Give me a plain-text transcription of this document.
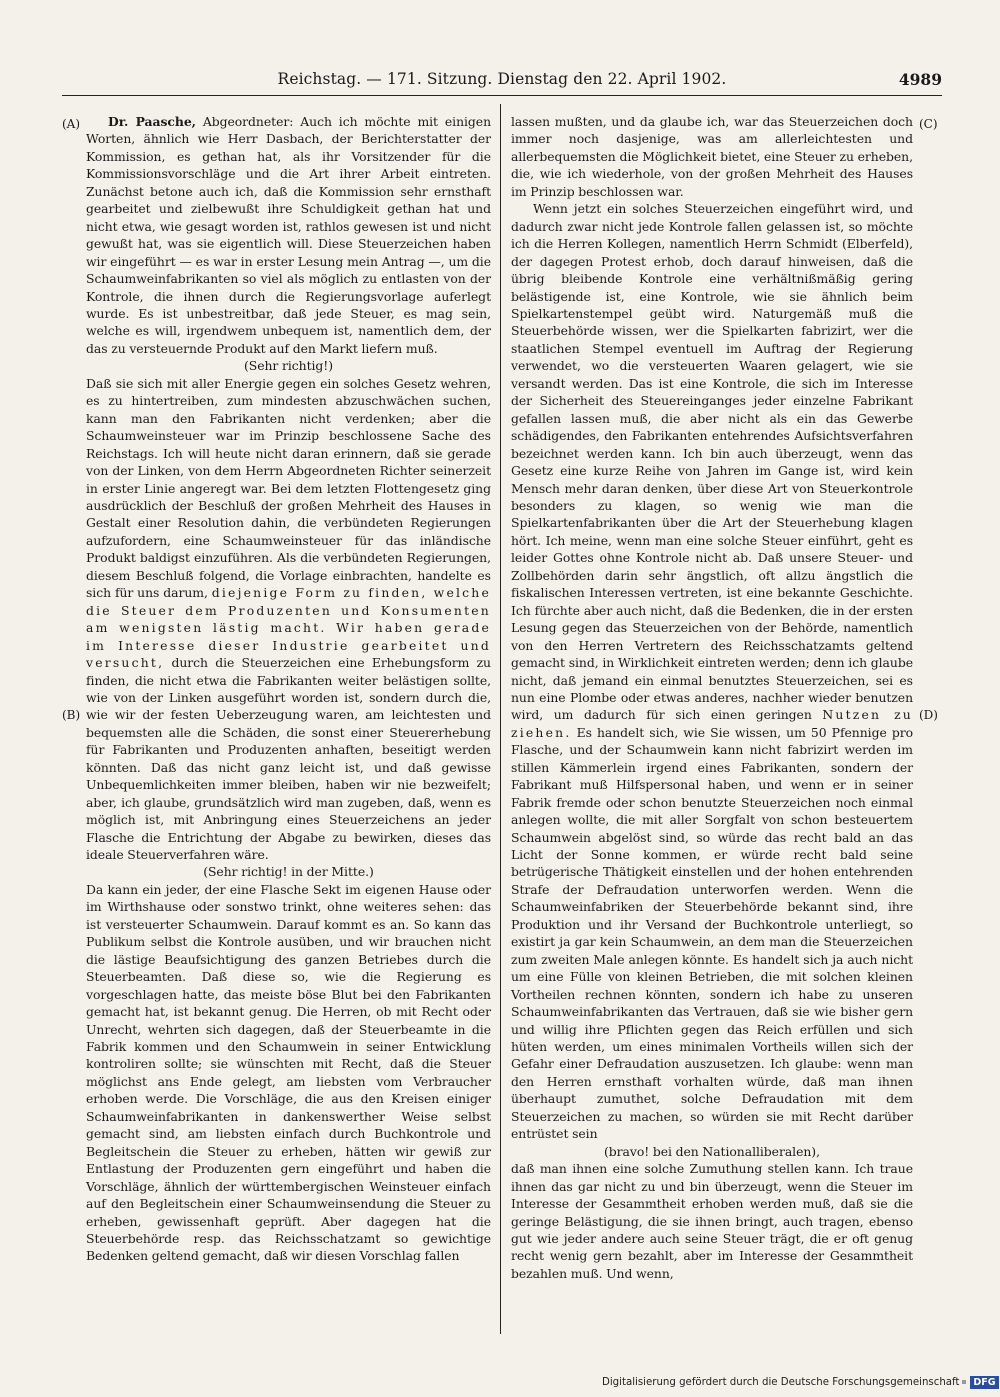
Reichstag. — 171. Sitzung. Dienstag den 22. April 1902.	4989
(A)
(B)
(C)
(D)

Dr. Paasche, Abgeordneter: Auch ich möchte mit einigen Worten, ähnlich wie Herr Dasbach, der Berichterstatter der Kommission, es gethan hat, als ihr Vorsitzender für die Kommissionsvorschläge und die Art ihrer Arbeit eintreten. Zunächst betone auch ich, daß die Kommission sehr ernsthaft gearbeitet und zielbewußt ihre Schuldigkeit gethan hat und nicht etwa, wie gesagt worden ist, rathlos gewesen ist und nicht gewußt hat, was sie eigentlich will. Diese Steuerzeichen haben wir eingeführt — es war in erster Lesung mein Antrag —, um die Schaumweinfabrikanten so viel als möglich zu entlasten von der Kontrole, die ihnen durch die Regierungsvorlage auferlegt wurde. Es ist unbestreitbar, daß jede Steuer, es mag sein, welche es will, irgendwem unbequem ist, namentlich dem, der das zu versteuernde Produkt auf den Markt liefern muß.

(Sehr richtig!)

Daß sie sich mit aller Energie gegen ein solches Gesetz wehren, es zu hintertreiben, zum mindesten abzuschwächen suchen, kann man den Fabrikanten nicht verdenken; aber die Schaumweinsteuer war im Prinzip beschlossene Sache des Reichstags. Ich will heute nicht daran erinnern, daß sie gerade von der Linken, von dem Herrn Abgeordneten Richter seinerzeit in erster Linie angeregt war. Bei dem letzten Flottengesetz ging ausdrücklich der Beschluß der großen Mehrheit des Hauses in Gestalt einer Resolution dahin, die verbündeten Regierungen aufzufordern, eine Schaumweinsteuer für das inländische Produkt baldigst einzuführen. Als die verbündeten Regierungen, diesem Beschluß folgend, die Vorlage einbrachten, handelte es sich für uns darum, diejenige Form zu finden, welche die Steuer dem Produzenten und Konsumenten am wenigsten lästig macht. Wir haben gerade im Interesse dieser Industrie gearbeitet und versucht, durch die Steuerzeichen eine Erhebungsform zu finden, die nicht etwa die Fabrikanten weiter belästigen sollte, wie von der Linken ausgeführt worden ist, sondern durch die, wie wir der festen Ueberzeugung waren, am leichtesten und bequemsten alle die Schäden, die sonst einer Steuererhebung für Fabrikanten und Produzenten anhaften, beseitigt werden könnten. Daß das nicht ganz leicht ist, und daß gewisse Unbequemlichkeiten immer bleiben, haben wir nie bezweifelt; aber, ich glaube, grundsätzlich wird man zugeben, daß, wenn es möglich ist, mit Anbringung eines Steuerzeichens an jeder Flasche die Entrichtung der Abgabe zu bewirken, dieses das ideale Steuerverfahren wäre.

(Sehr richtig! in der Mitte.)

Da kann ein jeder, der eine Flasche Sekt im eigenen Hause oder im Wirthshause oder sonstwo trinkt, ohne weiteres sehen: das ist versteuerter Schaumwein. Darauf kommt es an. So kann das Publikum selbst die Kontrole ausüben, und wir brauchen nicht die lästige Beaufsichtigung des ganzen Betriebes durch die Steuerbeamten. Daß diese so, wie die Regierung es vorgeschlagen hatte, das meiste böse Blut bei den Fabrikanten gemacht hat, ist bekannt genug. Die Herren, ob mit Recht oder Unrecht, wehrten sich dagegen, daß der Steuerbeamte in die Fabrik kommen und den Schaumwein in seiner Entwicklung kontroliren sollte; sie wünschten mit Recht, daß die Steuer möglichst ans Ende gelegt, am liebsten vom Verbraucher erhoben werde. Die Vorschläge, die aus den Kreisen einiger Schaumweinfabrikanten in dankenswerther Weise selbst gemacht sind, am liebsten einfach durch Buchkontrole und Begleitschein die Steuer zu erheben, hätten wir gewiß zur Entlastung der Produzenten gern eingeführt und haben die Vorschläge, ähnlich der württembergischen Weinsteuer einfach auf den Begleitschein einer Schaumweinsendung die Steuer zu erheben, gewissenhaft geprüft. Aber dagegen hat die Steuerbehörde resp. das Reichsschatzamt so gewichtige Bedenken geltend gemacht, daß wir diesen Vorschlag fallen

lassen mußten, und da glaube ich, war das Steuerzeichen doch immer noch dasjenige, was am allerleichtesten und allerbequemsten die Möglichkeit bietet, eine Steuer zu erheben, die, wie ich wiederhole, von der großen Mehrheit des Hauses im Prinzip beschlossen war.

Wenn jetzt ein solches Steuerzeichen eingeführt wird, und dadurch zwar nicht jede Kontrole fallen gelassen ist, so möchte ich die Herren Kollegen, namentlich Herrn Schmidt (Elberfeld), der dagegen Protest erhob, doch darauf hinweisen, daß die übrig bleibende Kontrole eine verhältnißmäßig gering belästigende ist, eine Kontrole, wie sie ähnlich beim Spielkartenstempel geübt wird. Naturgemäß muß die Steuerbehörde wissen, wer die Spielkarten fabrizirt, wer die staatlichen Stempel eventuell im Auftrag der Regierung verwendet, wo die versteuerten Waaren gelagert, wie sie versandt werden. Das ist eine Kontrole, die sich im Interesse der Sicherheit des Steuereinganges jeder einzelne Fabrikant gefallen lassen muß, die aber nicht als ein das Gewerbe schädigendes, den Fabrikanten entehrendes Aufsichtsverfahren bezeichnet werden kann. Ich bin auch überzeugt, wenn das Gesetz eine kurze Reihe von Jahren im Gange ist, wird kein Mensch mehr daran denken, über diese Art von Steuerkontrole besonders zu klagen, so wenig wie man die Spielkartenfabrikanten über die Art der Steuerhebung klagen hört. Ich meine, wenn man eine solche Steuer einführt, geht es leider Gottes ohne Kontrole nicht ab. Daß unsere Steuer- und Zollbehörden darin sehr ängstlich, oft allzu ängstlich die fiskalischen Interessen vertreten, ist eine bekannte Geschichte. Ich fürchte aber auch nicht, daß die Bedenken, die in der ersten Lesung gegen das Steuerzeichen von der Behörde, namentlich von den Herren Vertretern des Reichsschatzamts geltend gemacht sind, in Wirklichkeit eintreten werden; denn ich glaube nicht, daß jemand ein einmal benutztes Steuerzeichen, sei es nun eine Plombe oder etwas anderes, nachher wieder benutzen wird, um dadurch für sich einen geringen Nutzen zu ziehen. Es handelt sich, wie Sie wissen, um 50 Pfennige pro Flasche, und der Schaumwein kann nicht fabrizirt werden im stillen Kämmerlein irgend eines Fabrikanten, sondern der Fabrikant muß Hilfspersonal haben, und wenn er in seiner Fabrik fremde oder schon benutzte Steuerzeichen noch einmal anlegen wollte, die mit aller Sorgfalt von schon besteuertem Schaumwein abgelöst sind, so würde das recht bald an das Licht der Sonne kommen, er würde recht bald seine betrügerische Thätigkeit einstellen und der hohen entehrenden Strafe der Defraudation unterworfen werden. Wenn die Schaumweinfabriken der Steuerbehörde bekannt sind, ihre Produktion und ihr Versand der Buchkontrole unterliegt, so existirt ja gar kein Schaumwein, an dem man die Steuerzeichen zum zweiten Male anlegen könnte. Es handelt sich ja auch nicht um eine Fülle von kleinen Betrieben, die mit solchen kleinen Vortheilen rechnen könnten, sondern ich habe zu unseren Schaumweinfabrikanten das Vertrauen, daß sie wie bisher gern und willig ihre Pflichten gegen das Reich erfüllen und sich hüten werden, um eines minimalen Vortheils willen sich der Gefahr einer Defraudation auszusetzen. Ich glaube: wenn man den Herren ernsthaft vorhalten würde, daß man ihnen überhaupt zumuthet, solche Defraudation mit dem Steuerzeichen zu machen, so würden sie mit Recht darüber entrüstet sein

(bravo! bei den Nationalliberalen),

daß man ihnen eine solche Zumuthung stellen kann. Ich traue ihnen das gar nicht zu und bin überzeugt, wenn die Steuer im Interesse der Gesammtheit erhoben werden muß, daß sie die geringe Belästigung, die sie ihnen bringt, auch tragen, ebenso gut wie jeder andere auch seine Steuer trägt, die er oft genug recht wenig gern bezahlt, aber im Interesse der Gesammtheit bezahlen muß. Und wenn,

Digitalisierung gefördert durch die Deutsche Forschungsgemeinschaft DFG
